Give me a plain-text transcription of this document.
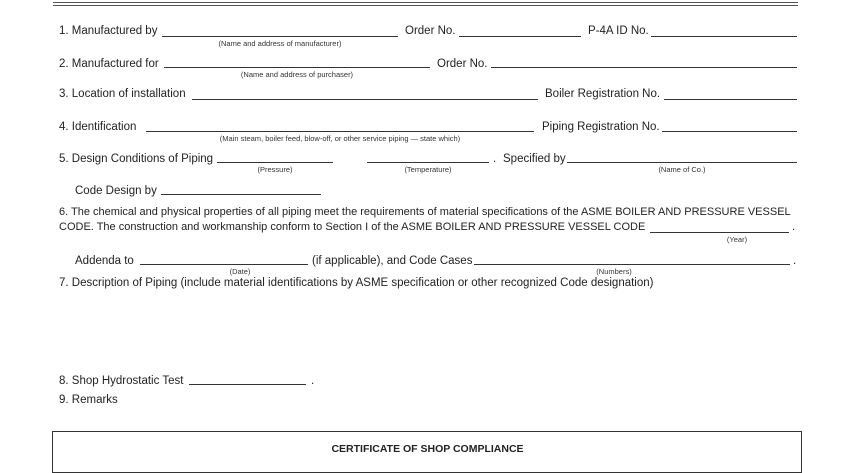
1. Manufactured by
(Name and address of manufacturer)
Order No.	P-4A ID No.
2. Manufactured for
(Name and address of purchaser)
Order No.
3. Location of installation	Boiler Registration No.
4. Identification
(Main steam, boiler feed, blow-off, or other service piping — state which)
Piping Registration No.
5. Design Conditions of Piping
(Pressure)	(Temperature)
. Specified by
(Name of Co.)
Code Design by
6. The chemical and physical properties of all piping meet the requirements of material specifications of the ASME BOILER AND PRESSURE VESSEL
CODE. The construction and workmanship conform to Section I of the ASME BOILER AND PRESSURE VESSEL CODE	.
(Year)
Addenda to
(Date)
(if applicable), and Code Cases	.
(Numbers)
7. Description of Piping (include material identifications by ASME specification or other recognized Code designation)
8. Shop Hydrostatic Test	.
9. Remarks
CERTIFICATE OF SHOP COMPLIANCE
